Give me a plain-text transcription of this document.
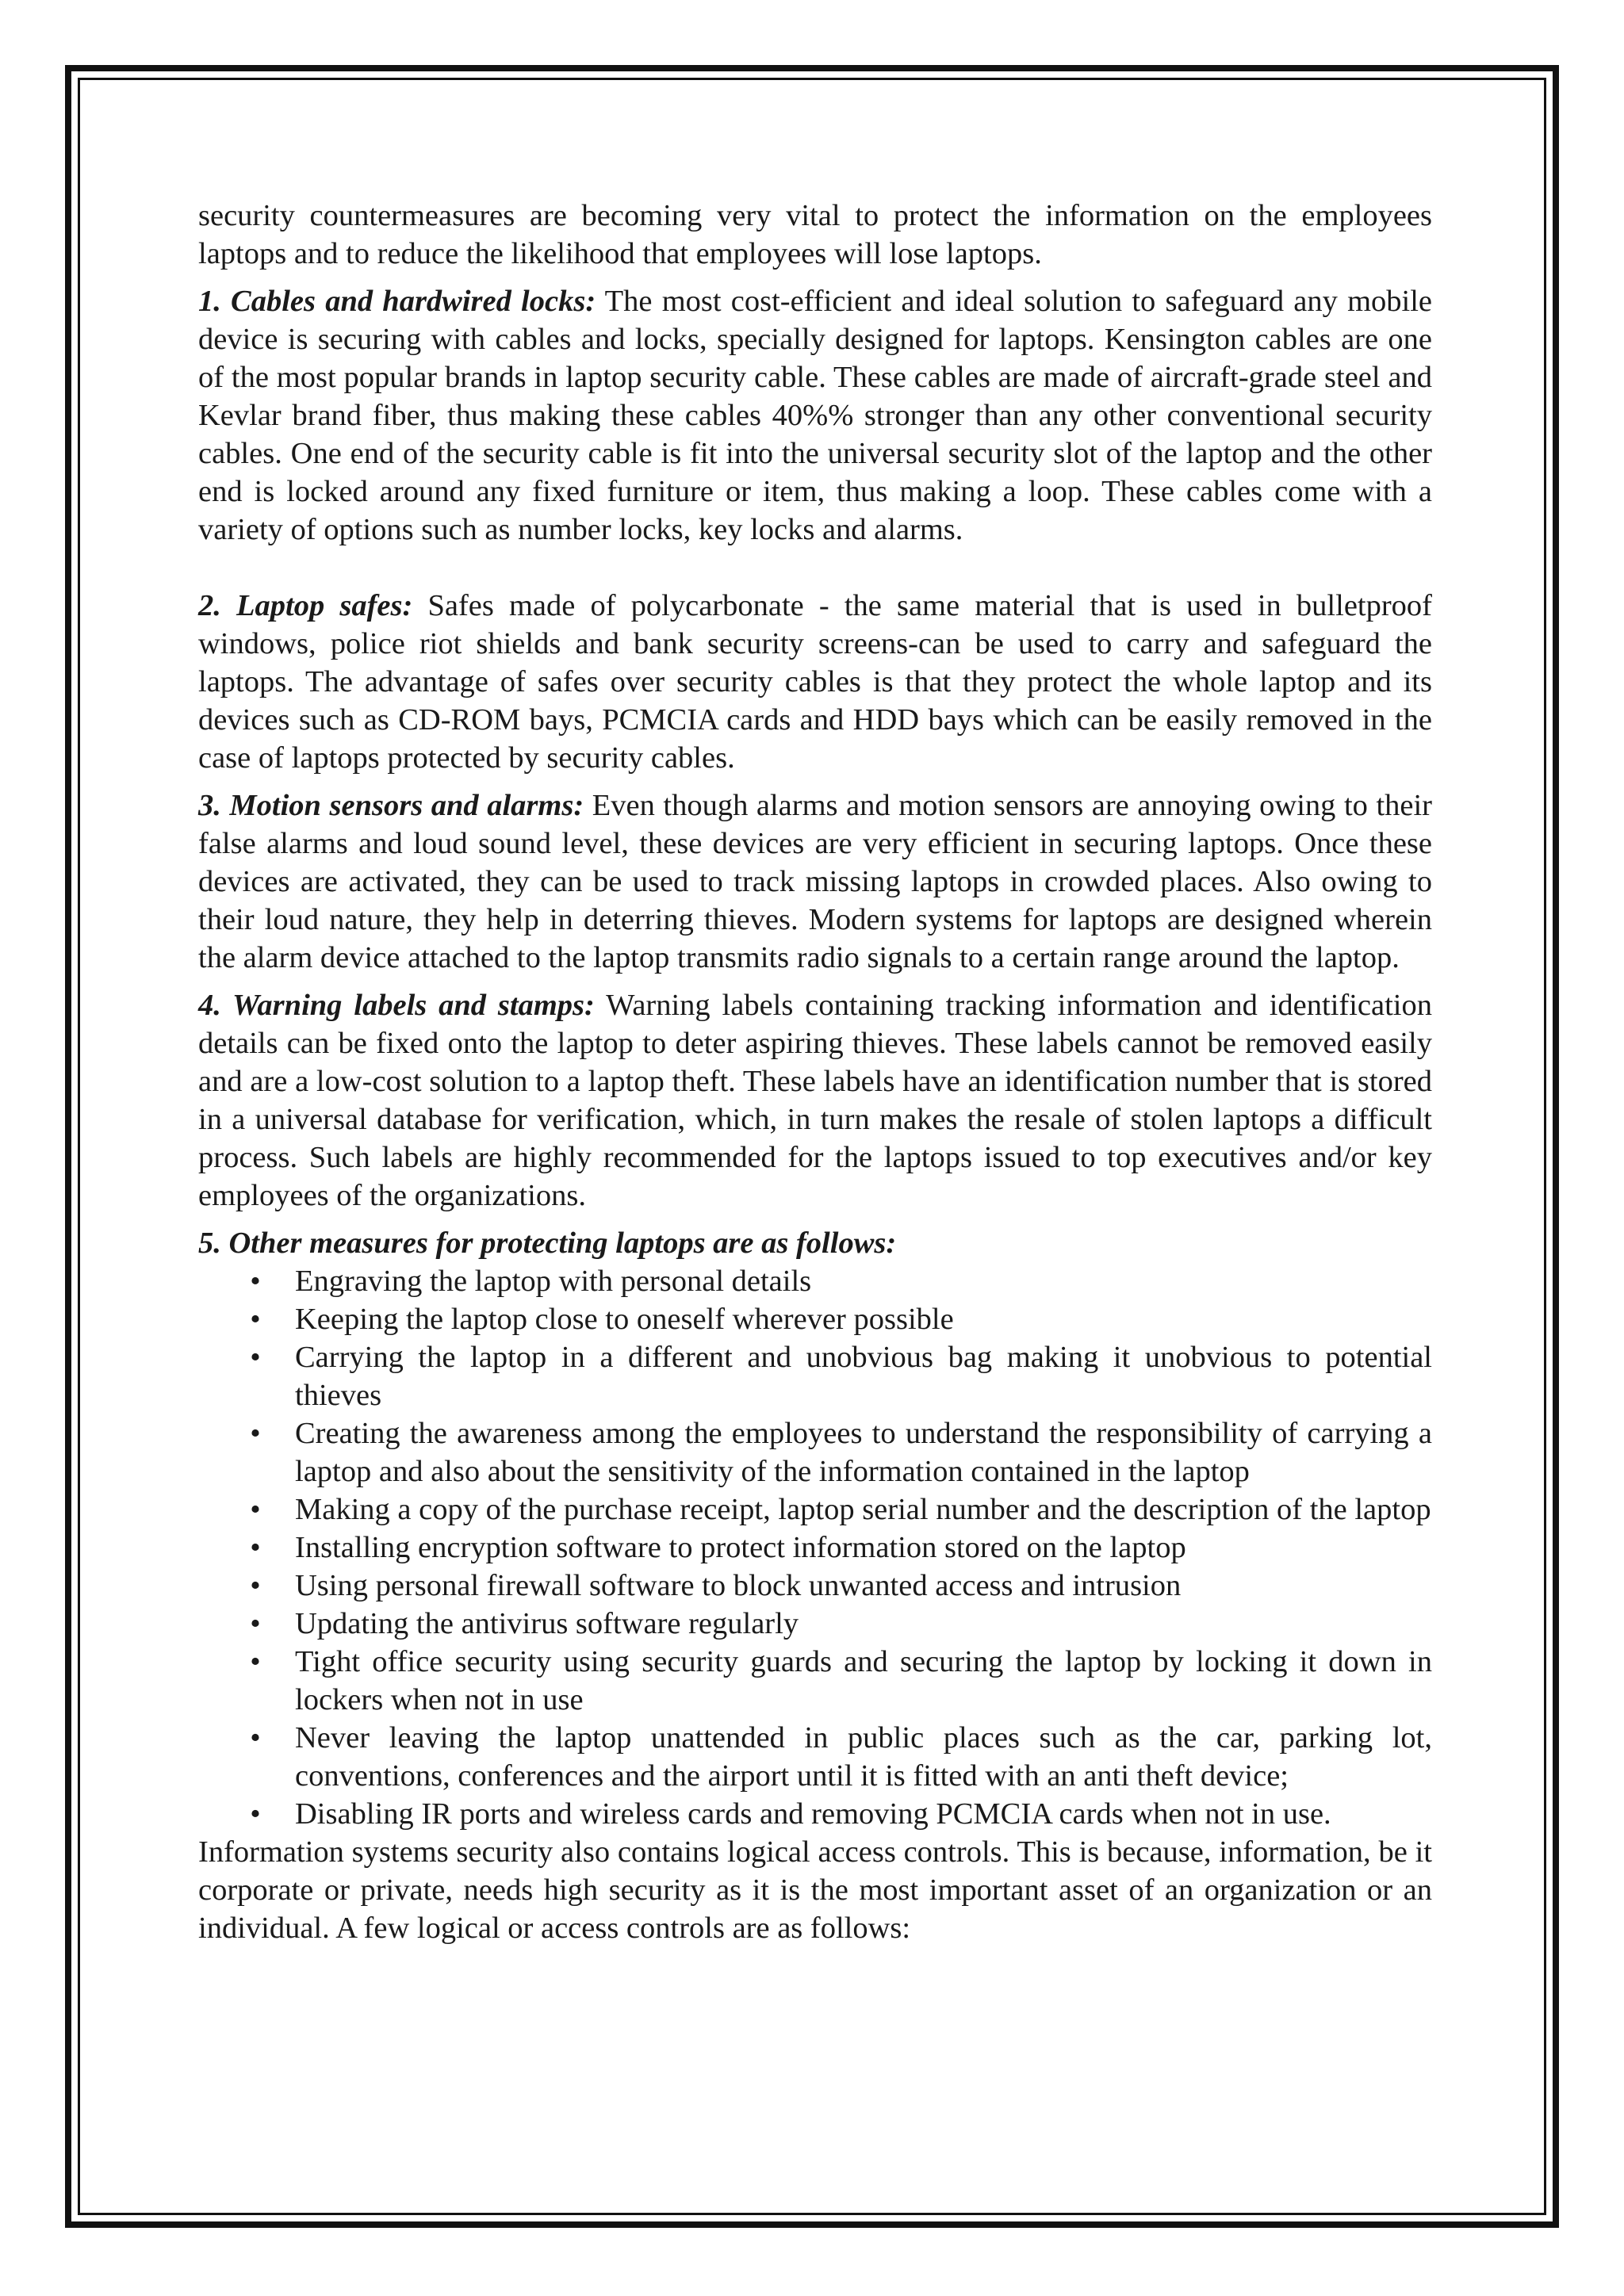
security countermeasures are becoming very vital to protect the information on the employees laptops and to reduce the likelihood that employees will lose laptops.

1. Cables and hardwired locks: The most cost-efficient and ideal solution to safeguard any mobile device is securing with cables and locks, specially designed for laptops. Kensington cables are one of the most popular brands in laptop security cable. These cables are made of aircraft-grade steel and Kevlar brand fiber, thus making these cables 40%% stronger than any other conventional security cables. One end of the security cable is fit into the universal security slot of the laptop and the other end is locked around any fixed furniture or item, thus making a loop. These cables come with a variety of options such as number locks, key locks and alarms.

2. Laptop safes: Safes made of polycarbonate - the same material that is used in bulletproof windows, police riot shields and bank security screens-can be used to carry and safeguard the laptops. The advantage of safes over security cables is that they protect the whole laptop and its devices such as CD-ROM bays, PCMCIA cards and HDD bays which can be easily removed in the case of laptops protected by security cables.

3. Motion sensors and alarms: Even though alarms and motion sensors are annoying owing to their false alarms and loud sound level, these devices are very efficient in securing laptops. Once these devices are activated, they can be used to track missing laptops in crowded places. Also owing to their loud nature, they help in deterring thieves. Modern systems for laptops are designed wherein the alarm device attached to the laptop transmits radio signals to a certain range around the laptop.

4. Warning labels and stamps: Warning labels containing tracking information and identification details can be fixed onto the laptop to deter aspiring thieves. These labels cannot be removed easily and are a low-cost solution to a laptop theft. These labels have an identification number that is stored in a universal database for verification, which, in turn makes the resale of stolen laptops a difficult process. Such labels are highly recommended for the laptops issued to top executives and/or key employees of the organizations.

5. Other measures for protecting laptops are as follows:

• Engraving the laptop with personal details
• Keeping the laptop close to oneself wherever possible
• Carrying the laptop in a different and unobvious bag making it unobvious to potential thieves
• Creating the awareness among the employees to understand the responsibility of carrying a laptop and also about the sensitivity of the information contained in the laptop
• Making a copy of the purchase receipt, laptop serial number and the description of the laptop
• Installing encryption software to protect information stored on the laptop
• Using personal firewall software to block unwanted access and intrusion
• Updating the antivirus software regularly
• Tight office security using security guards and securing the laptop by locking it down in lockers when not in use
• Never leaving the laptop unattended in public places such as the car, parking lot, conventions, conferences and the airport until it is fitted with an anti theft device;
• Disabling IR ports and wireless cards and removing PCMCIA cards when not in use.

Information systems security also contains logical access controls. This is because, information, be it corporate or private, needs high security as it is the most important asset of an organization or an individual. A few logical or access controls are as follows:
